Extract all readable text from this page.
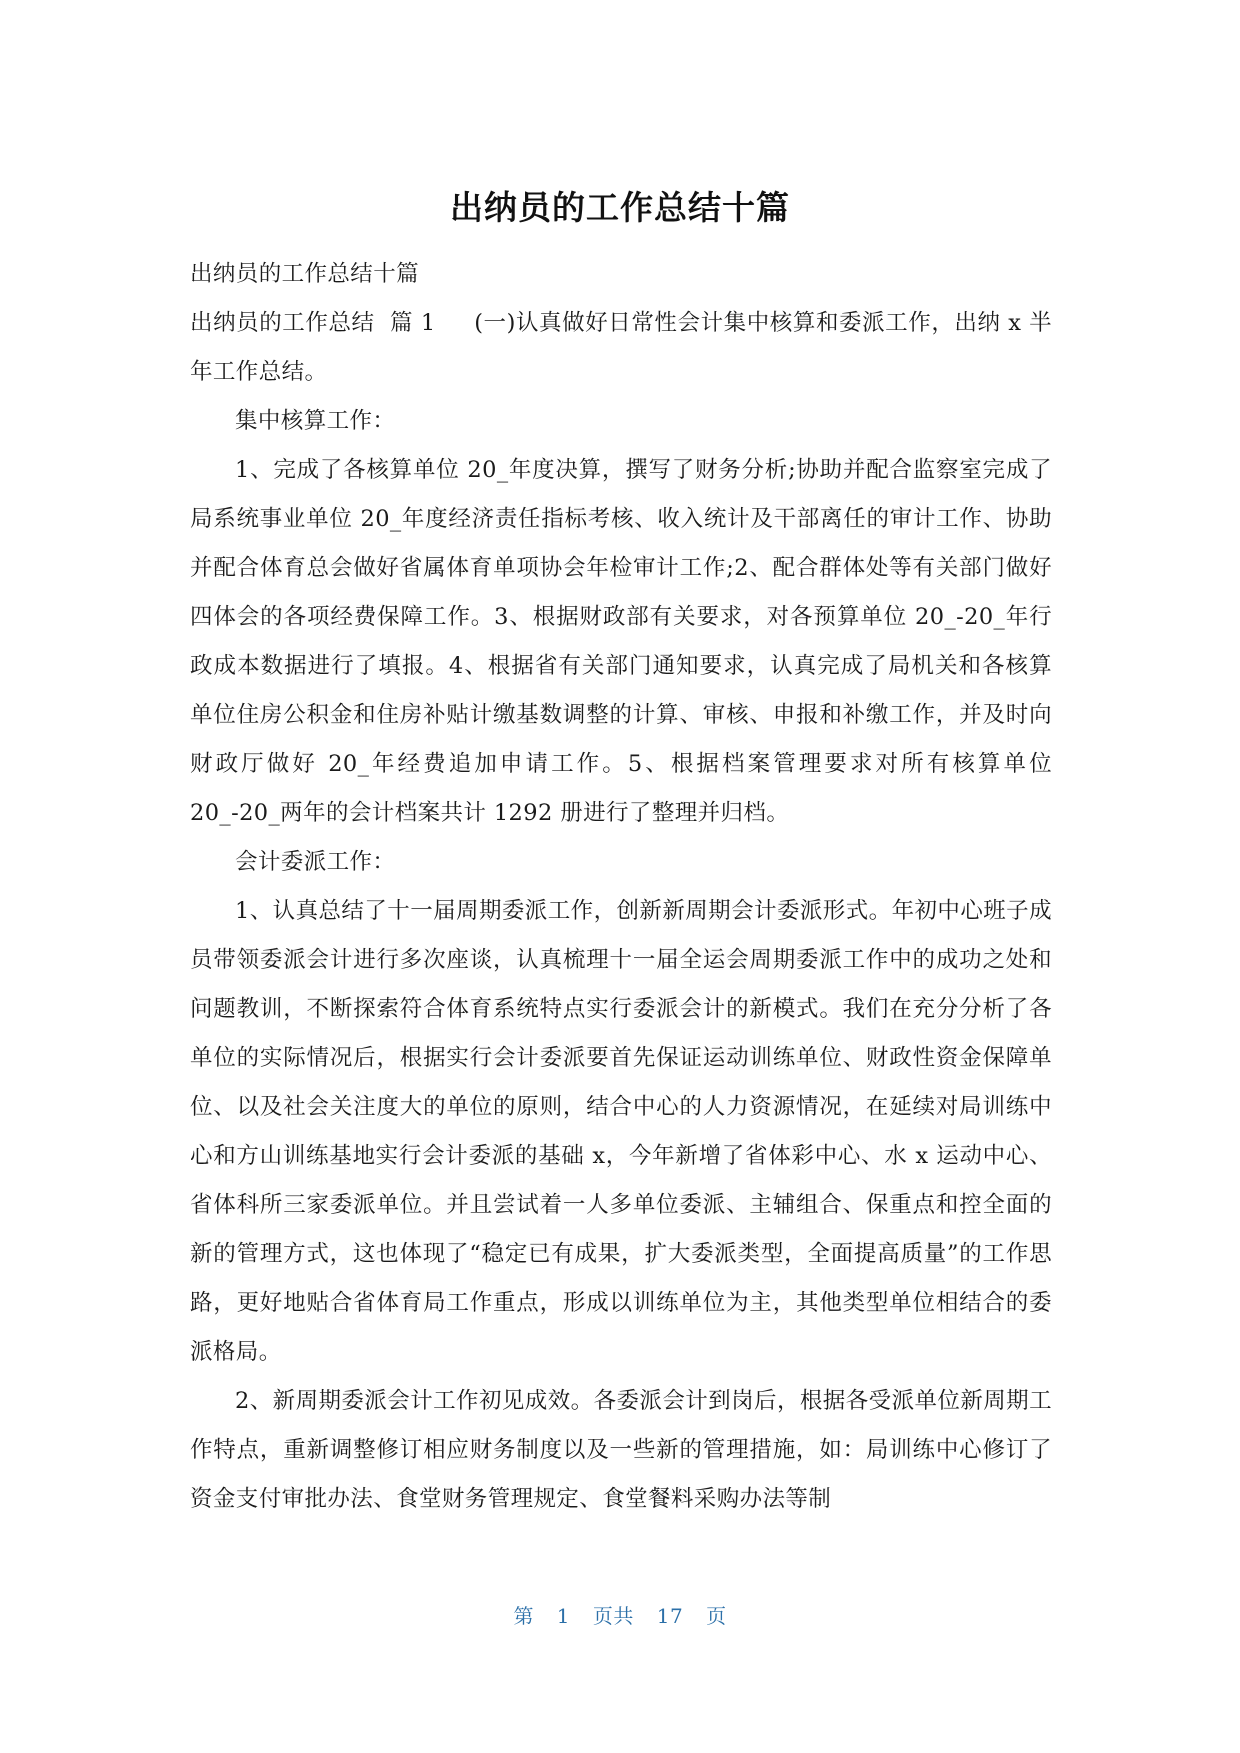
出纳员的工作总结十篇

出纳员的工作总结十篇

出纳员的工作总结  篇 1     (一)认真做好日常性会计集中核算和委派工作，出纳 x 半年工作总结。

集中核算工作：

1、完成了各核算单位 20_年度决算，撰写了财务分析;协助并配合监察室完成了局系统事业单位 20_年度经济责任指标考核、收入统计及干部离任的审计工作、协助并配合体育总会做好省属体育单项协会年检审计工作;2、配合群体处等有关部门做好四体会的各项经费保障工作。3、根据财政部有关要求，对各预算单位 20_-20_年行政成本数据进行了填报。4、根据省有关部门通知要求，认真完成了局机关和各核算单位住房公积金和住房补贴计缴基数调整的计算、审核、申报和补缴工作，并及时向财政厅做好 20_年经费追加申请工作。5、根据档案管理要求对所有核算单位 20_-20_两年的会计档案共计 1292 册进行了整理并归档。

会计委派工作：

1、认真总结了十一届周期委派工作，创新新周期会计委派形式。年初中心班子成员带领委派会计进行多次座谈，认真梳理十一届全运会周期委派工作中的成功之处和问题教训，不断探索符合体育系统特点实行委派会计的新模式。我们在充分分析了各单位的实际情况后，根据实行会计委派要首先保证运动训练单位、财政性资金保障单位、以及社会关注度大的单位的原则，结合中心的人力资源情况，在延续对局训练中心和方山训练基地实行会计委派的基础 x，今年新增了省体彩中心、水 x 运动中心、省体科所三家委派单位。并且尝试着一人多单位委派、主辅组合、保重点和控全面的新的管理方式，这也体现了“稳定已有成果，扩大委派类型，全面提高质量”的工作思路，更好地贴合省体育局工作重点，形成以训练单位为主，其他类型单位相结合的委派格局。

2、新周期委派会计工作初见成效。各委派会计到岗后，根据各受派单位新周期工作特点，重新调整修订相应财务制度以及一些新的管理措施，如：局训练中心修订了资金支付审批办法、食堂财务管理规定、食堂餐料采购办法等制

第 1 页共 17 页
